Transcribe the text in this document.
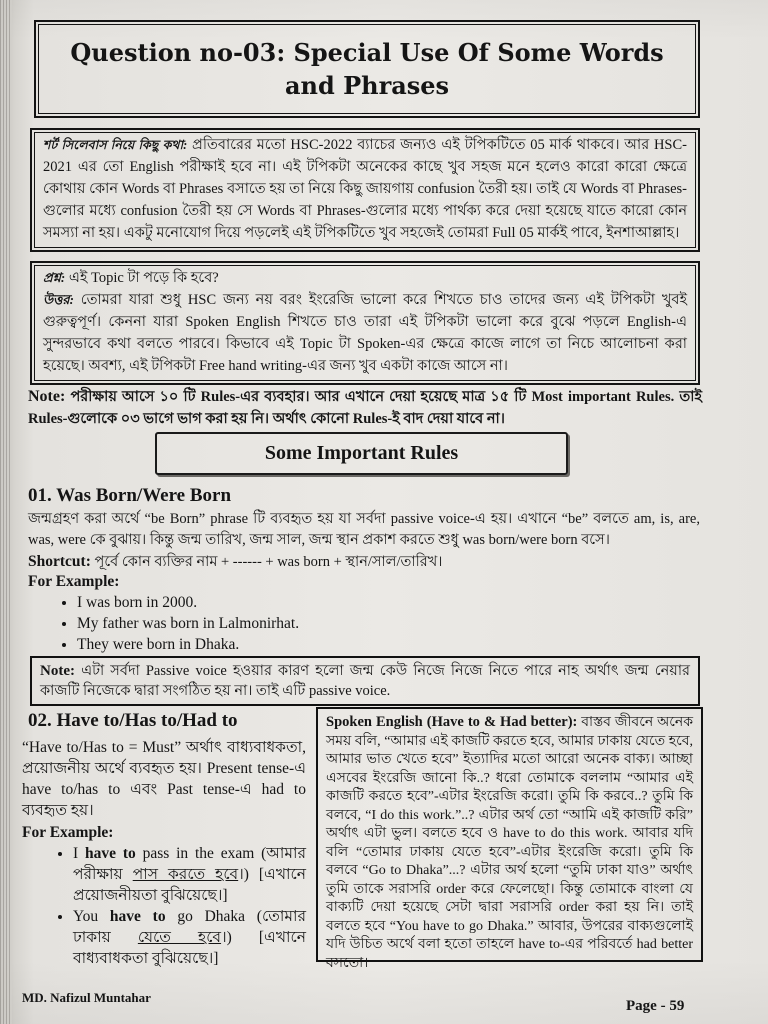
Question no-03: Special Use Of Some Words and Phrases
শর্ট সিলেবাস নিয়ে কিছু কথা: প্রতিবারের মতো HSC-2022 ব্যাচের জন্যও এই টপিকটিতে 05 মার্ক থাকবে। আর HSC-2021 এর তো English পরীক্ষাই হবে না। এই টপিকটা অনেকের কাছে খুব সহজ মনে হলেও কারো কারো ক্ষেত্রে কোথায় কোন Words বা Phrases বসাতে হয় তা নিয়ে কিছু জায়গায় confusion তৈরী হয়। তাই যে Words বা Phrases-গুলোর মধ্যে confusion তৈরী হয় সে Words বা Phrases-গুলোর মধ্যে পার্থক্য করে দেয়া হয়েছে যাতে কারো কোন সমস্যা না হয়। একটু মনোযোগ দিয়ে পড়লেই এই টপিকটিতে খুব সহজেই তোমরা Full 05 মার্কই পাবে, ইনশাআল্লাহ।
প্রশ্ন: এই Topic টা পড়ে কি হবে?
উত্তর: তোমরা যারা শুধু HSC জন্য নয় বরং ইংরেজি ভালো করে শিখতে চাও তাদের জন্য এই টপিকটা খুবই গুরুত্বপূর্ণ। কেননা যারা Spoken English শিখতে চাও তারা এই টপিকটা ভালো করে বুঝে পড়লে English-এ সুন্দরভাবে কথা বলতে পারবে। কিভাবে এই Topic টা Spoken-এর ক্ষেত্রে কাজে লাগে তা নিচে আলোচনা করা হয়েছে। অবশ্য, এই টপিকটা Free hand writing-এর জন্য খুব একটা কাজে আসে না।
Note: পরীক্ষায় আসে ১০ টি Rules-এর ব্যবহার। আর এখানে দেয়া হয়েছে মাত্র ১৫ টি Most important Rules. তাই Rules-গুলোকে ০৩ ভাগে ভাগ করা হয় নি। অর্থাৎ কোনো Rules-ই বাদ দেয়া যাবে না।
Some Important Rules
01. Was Born/Were Born
জন্মগ্রহণ করা অর্থে “be Born” phrase টি ব্যবহৃত হয় যা সর্বদা passive voice-এ হয়। এখানে “be” বলতে am, is, are, was, were কে বুঝায়। কিন্তু জন্ম তারিখ, জন্ম সাল, জন্ম স্থান প্রকাশ করতে শুধু was born/were born বসে।
Shortcut: পূর্বে কোন ব্যক্তির নাম + ------ + was born + স্থান/সাল/তারিখ।
For Example:
• I was born in 2000.
• My father was born in Lalmonirhat.
• They were born in Dhaka.
Note: এটা সর্বদা Passive voice হওয়ার কারণ হলো জন্ম কেউ নিজে নিজে নিতে পারে নাহ অর্থাৎ জন্ম নেয়ার কাজটি নিজেকে দ্বারা সংগঠিত হয় না। তাই এটি passive voice.
02. Have to/Has to/Had to
“Have to/Has to = Must” অর্থাৎ বাধ্যবাধকতা, প্রয়োজনীয় অর্থে ব্যবহৃত হয়। Present tense-এ have to/has to এবং Past tense-এ had to ব্যবহৃত হয়।
For Example:
• I have to pass in the exam (আমার পরীক্ষায় পাস করতে হবে।) [এখানে প্রয়োজনীয়তা বুঝিয়েছে।]
• You have to go Dhaka (তোমার ঢাকায় যেতে হবে।) [এখানে বাধ্যবাধকতা বুঝিয়েছে।]
Spoken English (Have to & Had better): বাস্তব জীবনে অনেক সময় বলি, “আমার এই কাজটি করতে হবে, আমার ঢাকায় যেতে হবে, আমার ভাত খেতে হবে” ইত্যাদির মতো আরো অনেক বাক্য। আচ্ছা এসবের ইংরেজি জানো কি..? ধরো তোমাকে বললাম “আমার এই কাজটি করতে হবে”-এটার ইংরেজি করো। তুমি কি করবে..? তুমি কি বলবে, “I do this work.”..? এটার অর্থ তো “আমি এই কাজটি করি” অর্থাৎ এটা ভুল। বলতে হবে ও have to do this work. আবার যদি বলি “তোমার ঢাকায় যেতে হবে”-এটার ইংরেজি করো। তুমি কি বলবে “Go to Dhaka”...? এটার অর্থ হলো “তুমি ঢাকা যাও” অর্থাৎ তুমি তাকে সরাসরি order করে ফেলেছো। কিন্তু তোমাকে বাংলা যে বাক্যটি দেয়া হয়েছে সেটা দ্বারা সরাসরি order করা হয় নি। তাই বলতে হবে “You have to go Dhaka.” আবার, উপরের বাক্যগুলোই যদি উচিত অর্থে বলা হতো তাহলে have to-এর পরিবর্তে had better বসতো।
MD. Nafizul Muntahar
Page - 59
